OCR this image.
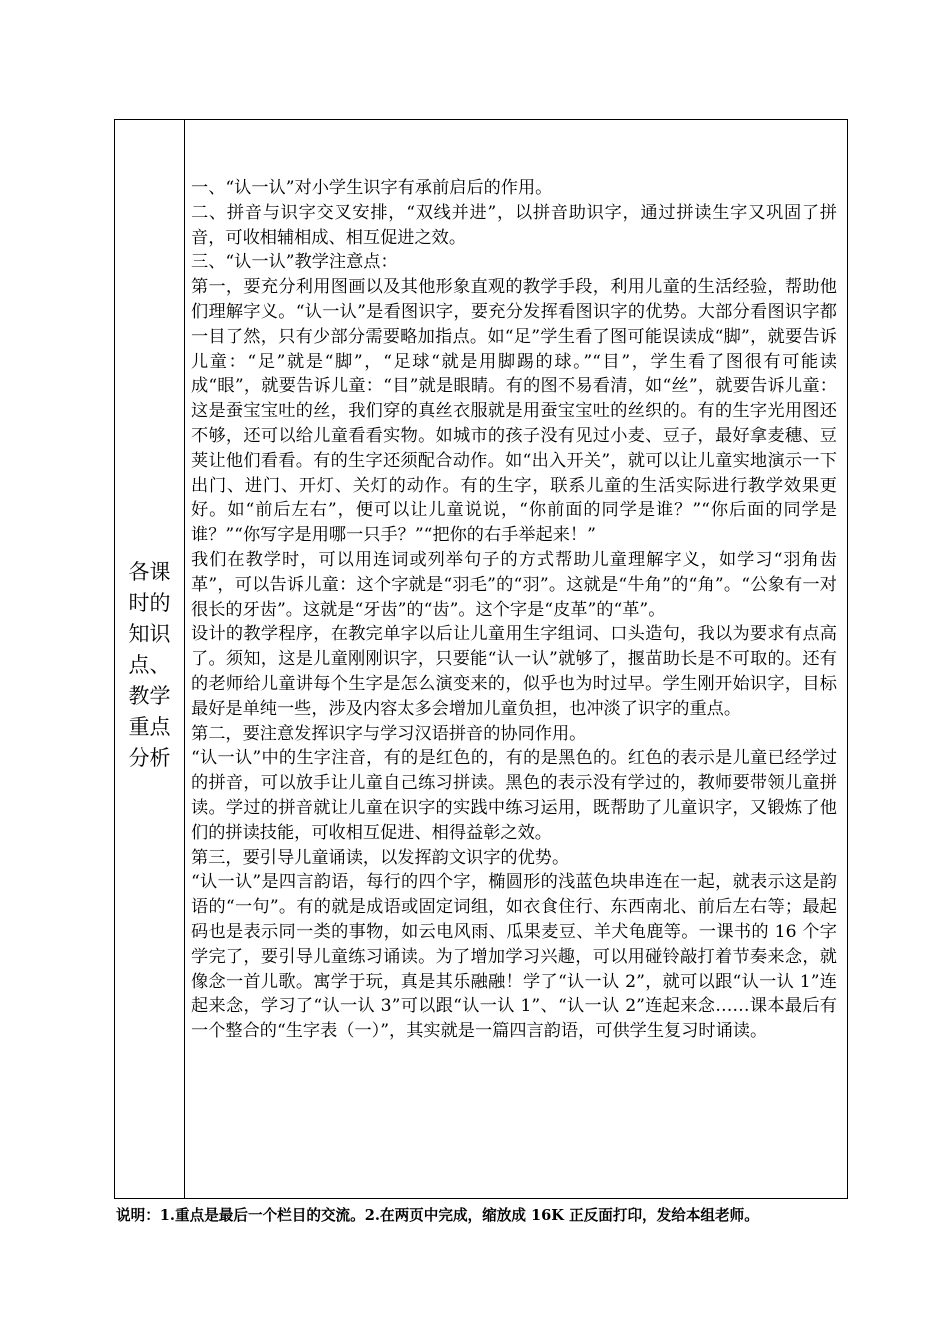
各课时的知识点、教学重点分析

一、“认一认”对小学生识字有承前启后的作用。

二、拼音与识字交叉安排，“双线并进”，以拼音助识字，通过拼读生字又巩固了拼音，可收相辅相成、相互促进之效。

三、“认一认”教学注意点：

第一，要充分利用图画以及其他形象直观的教学手段，利用儿童的生活经验，帮助他们理解字义。“认一认”是看图识字，要充分发挥看图识字的优势。大部分看图识字都一目了然，只有少部分需要略加指点。如“足”学生看了图可能误读成“脚”，就要告诉儿童：“足”就是“脚”，“足球“就是用脚踢的球。”“目”，学生看了图很有可能读成“眼”，就要告诉儿童：“目”就是眼睛。有的图不易看清，如“丝”，就要告诉儿童：这是蚕宝宝吐的丝，我们穿的真丝衣服就是用蚕宝宝吐的丝织的。有的生字光用图还不够，还可以给儿童看看实物。如城市的孩子没有见过小麦、豆子，最好拿麦穗、豆荚让他们看看。有的生字还须配合动作。如“出入开关”，就可以让儿童实地演示一下出门、进门、开灯、关灯的动作。有的生字，联系儿童的生活实际进行教学效果更好。如“前后左右”，便可以让儿童说说，“你前面的同学是谁？”“你后面的同学是谁？”“你写字是用哪一只手？”“把你的右手举起来！”

我们在教学时，可以用连词或列举句子的方式帮助儿童理解字义，如学习“羽角齿革”，可以告诉儿童：这个字就是“羽毛”的“羽”。这就是“牛角”的“角”。“公象有一对很长的牙齿”。这就是“牙齿”的“齿”。这个字是“皮革”的“革”。

设计的教学程序，在教完单字以后让儿童用生字组词、口头造句，我以为要求有点高了。须知，这是儿童刚刚识字，只要能“认一认”就够了，揠苗助长是不可取的。还有的老师给儿童讲每个生字是怎么演变来的，似乎也为时过早。学生刚开始识字，目标最好是单纯一些，涉及内容太多会增加儿童负担，也冲淡了识字的重点。

第二，要注意发挥识字与学习汉语拼音的协同作用。

“认一认”中的生字注音，有的是红色的，有的是黑色的。红色的表示是儿童已经学过的拼音，可以放手让儿童自己练习拼读。黑色的表示没有学过的，教师要带领儿童拼读。学过的拼音就让儿童在识字的实践中练习运用，既帮助了儿童识字，又锻炼了他们的拼读技能，可收相互促进、相得益彰之效。

第三，要引导儿童诵读，以发挥韵文识字的优势。

“认一认”是四言韵语，每行的四个字，椭圆形的浅蓝色块串连在一起，就表示这是韵语的“一句”。有的就是成语或固定词组，如衣食住行、东西南北、前后左右等；最起码也是表示同一类的事物，如云电风雨、瓜果麦豆、羊犬龟鹿等。一课书的 16 个字学完了，要引导儿童练习诵读。为了增加学习兴趣，可以用碰铃敲打着节奏来念，就像念一首儿歌。寓学于玩，真是其乐融融！学了“认一认 2”，就可以跟“认一认 1”连起来念，学习了“认一认 3”可以跟“认一认 1”、“认一认 2”连起来念……课本最后有一个整合的“生字表（一）”，其实就是一篇四言韵语，可供学生复习时诵读。

说明：1.重点是最后一个栏目的交流。2.在两页中完成，缩放成 16K 正反面打印，发给本组老师。
